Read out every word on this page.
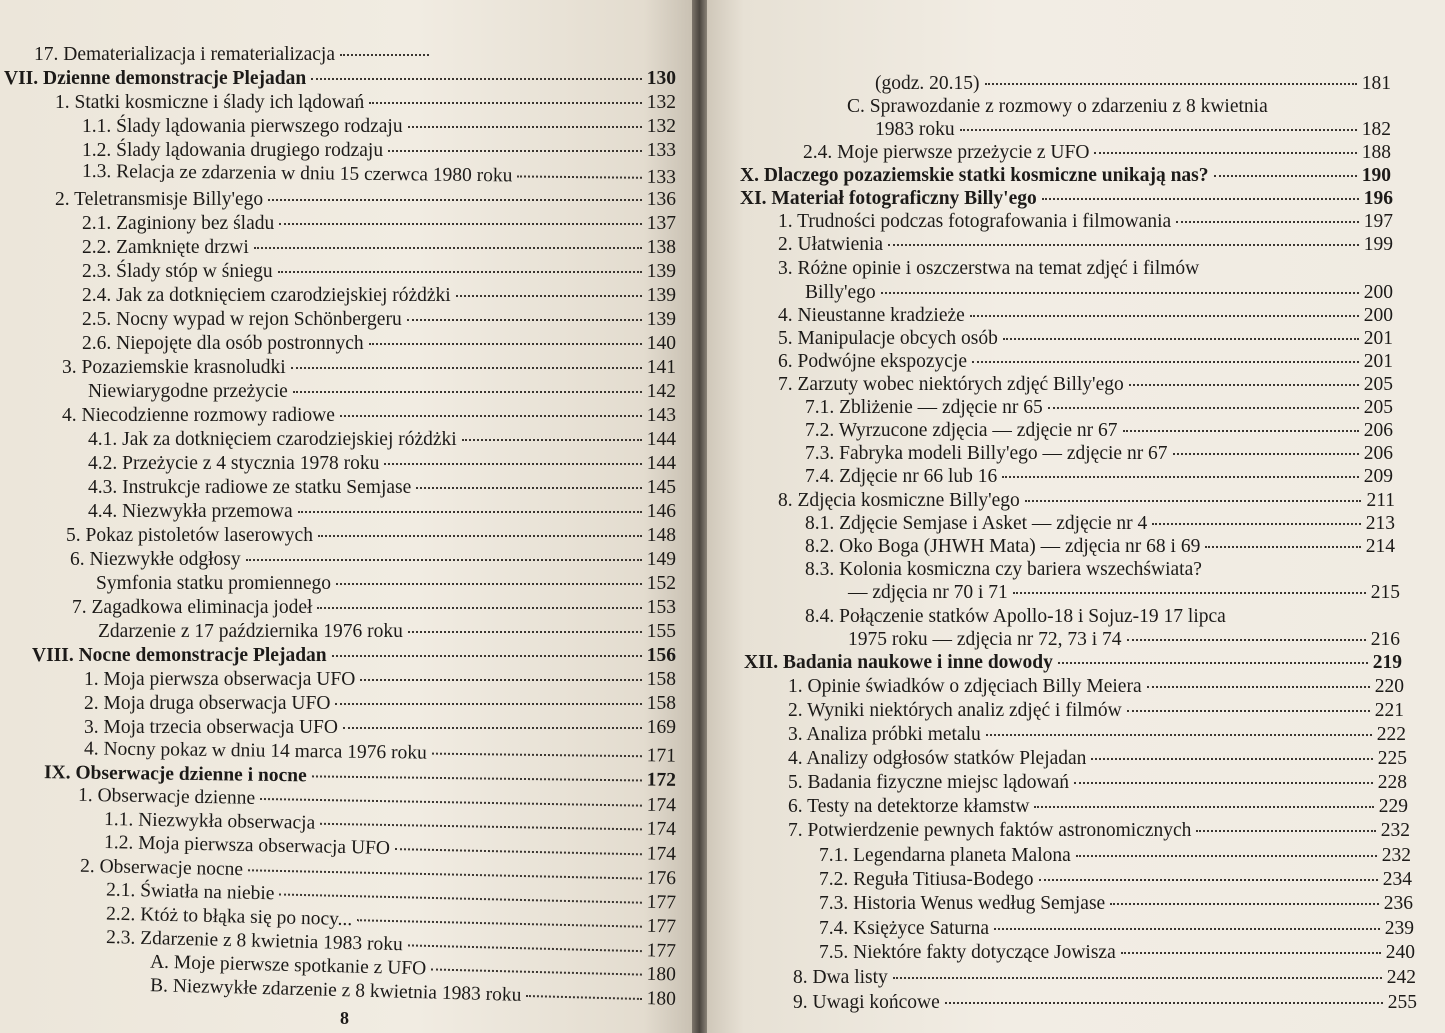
17. Dematerializacja i rematerializacja
VII. Dzienne demonstracje Plejadan	130
1. Statki kosmiczne i ślady ich lądowań	132
1.1. Ślady lądowania pierwszego rodzaju	132
1.2. Ślady lądowania drugiego rodzaju	133
1.3. Relacja ze zdarzenia w dniu 15 czerwca 1980 roku	133
2. Teletransmisje Billy'ego	136
2.1. Zaginiony bez śladu	137
2.2. Zamknięte drzwi	138
2.3. Ślady stóp w śniegu	139
2.4. Jak za dotknięciem czarodziejskiej różdżki	139
2.5. Nocny wypad w rejon Schönbergeru	139
2.6. Niepojęte dla osób postronnych	140
3. Pozaziemskie krasnoludki	141
Niewiarygodne przeżycie	142
4. Niecodzienne rozmowy radiowe	143
4.1. Jak za dotknięciem czarodziejskiej różdżki	144
4.2. Przeżycie z 4 stycznia 1978 roku	144
4.3. Instrukcje radiowe ze statku Semjase	145
4.4. Niezwykła przemowa	146
5. Pokaz pistoletów laserowych	148
6. Niezwykłe odgłosy	149
Symfonia statku promiennego	152
7. Zagadkowa eliminacja jodeł	153
Zdarzenie z 17 października 1976 roku	155
VIII. Nocne demonstracje Plejadan	156
1. Moja pierwsza obserwacja UFO	158
2. Moja druga obserwacja UFO	158
3. Moja trzecia obserwacja UFO	169
4. Nocny pokaz w dniu 14 marca 1976 roku	171
IX. Obserwacje dzienne i nocne	172
1. Obserwacje dzienne	174
1.1. Niezwykła obserwacja	174
1.2. Moja pierwsza obserwacja UFO	174
2. Obserwacje nocne	176
2.1. Światła na niebie	177
2.2. Któż to błąka się po nocy...	177
2.3. Zdarzenie z 8 kwietnia 1983 roku	177
A. Moje pierwsze spotkanie z UFO	180
B. Niezwykłe zdarzenie z 8 kwietnia 1983 roku	180
8
(godz. 20.15)	181
C. Sprawozdanie z rozmowy o zdarzeniu z 8 kwietnia
1983 roku	182
2.4. Moje pierwsze przeżycie z UFO	188
X. Dlaczego pozaziemskie statki kosmiczne unikają nas?	190
XI. Materiał fotograficzny Billy'ego	196
1. Trudności podczas fotografowania i filmowania	197
2. Ułatwienia	199
3. Różne opinie i oszczerstwa na temat zdjęć i filmów
Billy'ego	200
4. Nieustanne kradzieże	200
5. Manipulacje obcych osób	201
6. Podwójne ekspozycje	201
7. Zarzuty wobec niektórych zdjęć Billy'ego	205
7.1. Zbliżenie — zdjęcie nr 65	205
7.2. Wyrzucone zdjęcia — zdjęcie nr 67	206
7.3. Fabryka modeli Billy'ego — zdjęcie nr 67	206
7.4. Zdjęcie nr 66 lub 16	209
8. Zdjęcia kosmiczne Billy'ego	211
8.1. Zdjęcie Semjase i Asket — zdjęcie nr 4	213
8.2. Oko Boga (JHWH Mata) — zdjęcia nr 68 i 69	214
8.3. Kolonia kosmiczna czy bariera wszechświata?
— zdjęcia nr 70 i 71	215
8.4. Połączenie statków Apollo-18 i Sojuz-19 17 lipca
1975 roku — zdjęcia nr 72, 73 i 74	216
XII. Badania naukowe i inne dowody	219
1. Opinie świadków o zdjęciach Billy Meiera	220
2. Wyniki niektórych analiz zdjęć i filmów	221
3. Analiza próbki metalu	222
4. Analizy odgłosów statków Plejadan	225
5. Badania fizyczne miejsc lądowań	228
6. Testy na detektorze kłamstw	229
7. Potwierdzenie pewnych faktów astronomicznych	232
7.1. Legendarna planeta Malona	232
7.2. Reguła Titiusa-Bodego	234
7.3. Historia Wenus według Semjase	236
7.4. Księżyce Saturna	239
7.5. Niektóre fakty dotyczące Jowisza	240
8. Dwa listy	242
9. Uwagi końcowe	255
